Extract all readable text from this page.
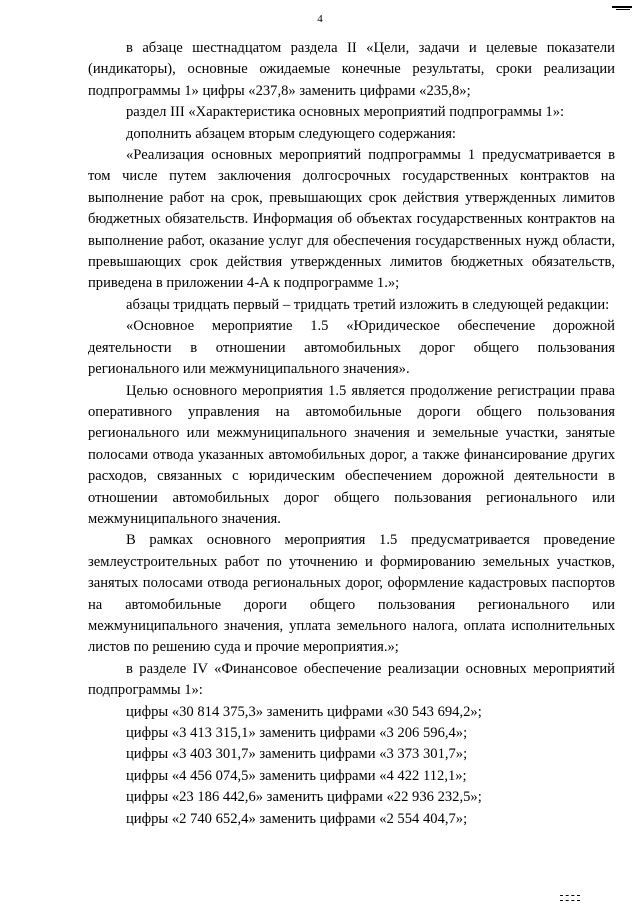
4

в абзаце шестнадцатом раздела II «Цели, задачи и целевые показатели (индикаторы), основные ожидаемые конечные результаты, сроки реализации подпрограммы 1» цифры «237,8» заменить цифрами «235,8»;

раздел III «Характеристика основных мероприятий подпрограммы 1»:

дополнить абзацем вторым следующего содержания:

«Реализация основных мероприятий подпрограммы 1 предусматривается в том числе путем заключения долгосрочных государственных контрактов на выполнение работ на срок, превышающих срок действия утвержденных лимитов бюджетных обязательств. Информация об объектах государственных контрактов на выполнение работ, оказание услуг для обеспечения государственных нужд области, превышающих срок действия утвержденных лимитов бюджетных обязательств, приведена в приложении 4-А к подпрограмме 1.»;

абзацы тридцать первый – тридцать третий изложить в следующей редакции:

«Основное мероприятие 1.5 «Юридическое обеспечение дорожной деятельности в отношении автомобильных дорог общего пользования регионального или межмуниципального значения».

Целью основного мероприятия 1.5 является продолжение регистрации права оперативного управления на автомобильные дороги общего пользования регионального или межмуниципального значения и земельные участки, занятые полосами отвода указанных автомобильных дорог, а также финансирование других расходов, связанных с юридическим обеспечением дорожной деятельности в отношении автомобильных дорог общего пользования регионального или межмуниципального значения.

В рамках основного мероприятия 1.5 предусматривается проведение землеустроительных работ по уточнению и формированию земельных участков, занятых полосами отвода региональных дорог, оформление кадастровых паспортов на автомобильные дороги общего пользования регионального или межмуниципального значения, уплата земельного налога, оплата исполнительных листов по решению суда и прочие мероприятия.»;

в разделе IV «Финансовое обеспечение реализации основных мероприятий подпрограммы 1»:

цифры «30 814 375,3» заменить цифрами «30 543 694,2»;

цифры «3 413 315,1» заменить цифрами «3 206 596,4»;

цифры «3 403 301,7» заменить цифрами «3 373 301,7»;

цифры «4 456 074,5» заменить цифрами «4 422 112,1»;

цифры «23 186 442,6» заменить цифрами «22 936 232,5»;

цифры «2 740 652,4» заменить цифрами «2 554 404,7»;
